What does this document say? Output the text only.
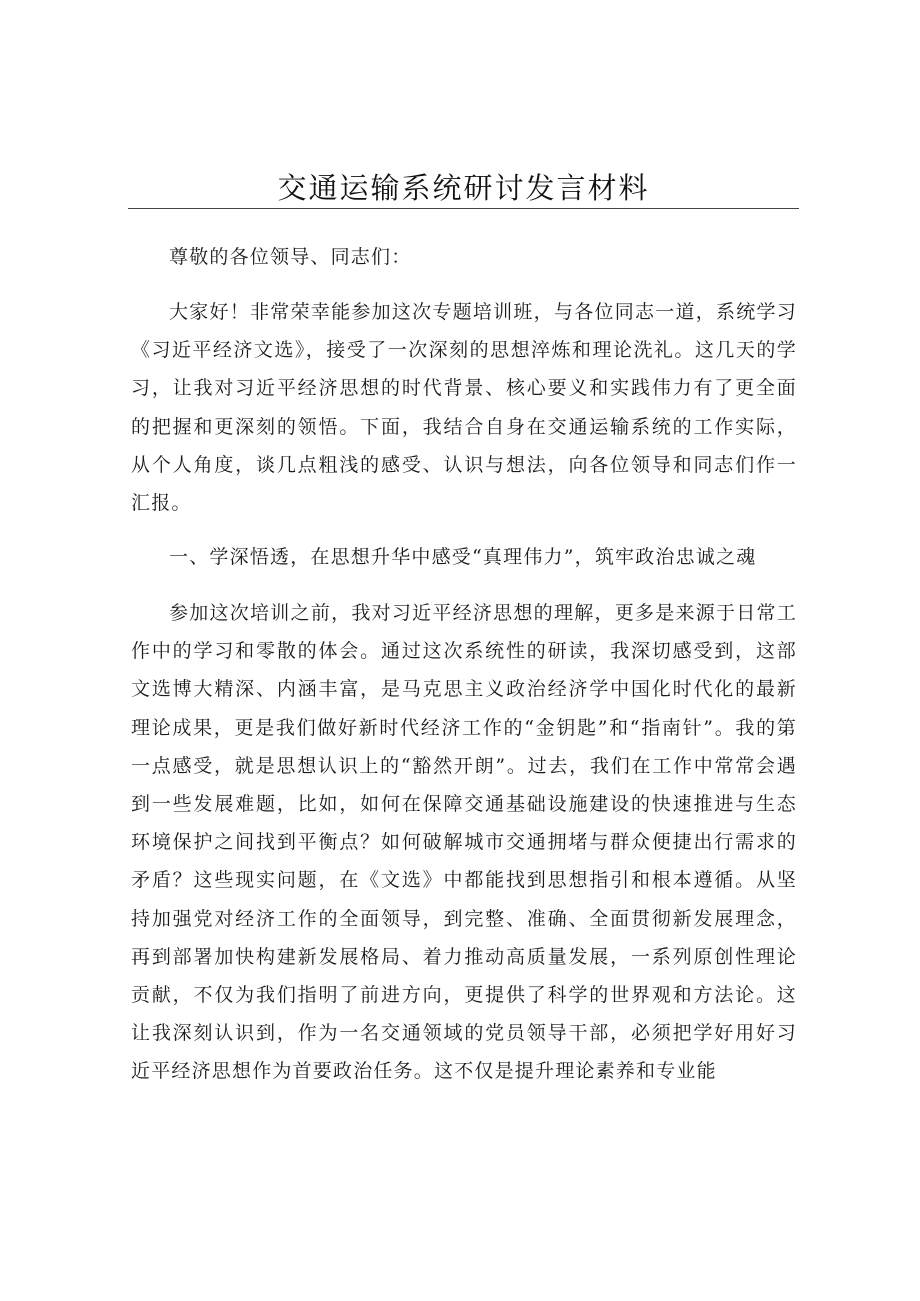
交通运输系统研讨发言材料

尊敬的各位领导、同志们：

大家好！非常荣幸能参加这次专题培训班，与各位同志一道，系统学习《习近平经济文选》，接受了一次深刻的思想淬炼和理论洗礼。这几天的学习，让我对习近平经济思想的时代背景、核心要义和实践伟力有了更全面的把握和更深刻的领悟。下面，我结合自身在交通运输系统的工作实际，从个人角度，谈几点粗浅的感受、认识与想法，向各位领导和同志们作一汇报。

一、学深悟透，在思想升华中感受“真理伟力”，筑牢政治忠诚之魂

参加这次培训之前，我对习近平经济思想的理解，更多是来源于日常工作中的学习和零散的体会。通过这次系统性的研读，我深切感受到，这部文选博大精深、内涵丰富，是马克思主义政治经济学中国化时代化的最新理论成果，更是我们做好新时代经济工作的“金钥匙”和“指南针”。我的第一点感受，就是思想认识上的“豁然开朗”。过去，我们在工作中常常会遇到一些发展难题，比如，如何在保障交通基础设施建设的快速推进与生态环境保护之间找到平衡点？如何破解城市交通拥堵与群众便捷出行需求的矛盾？这些现实问题，在《文选》中都能找到思想指引和根本遵循。从坚持加强党对经济工作的全面领导，到完整、准确、全面贯彻新发展理念，再到部署加快构建新发展格局、着力推动高质量发展，一系列原创性理论贡献，不仅为我们指明了前进方向，更提供了科学的世界观和方法论。这让我深刻认识到，作为一名交通领域的党员领导干部，必须把学好用好习近平经济思想作为首要政治任务。这不仅是提升理论素养和专业能
